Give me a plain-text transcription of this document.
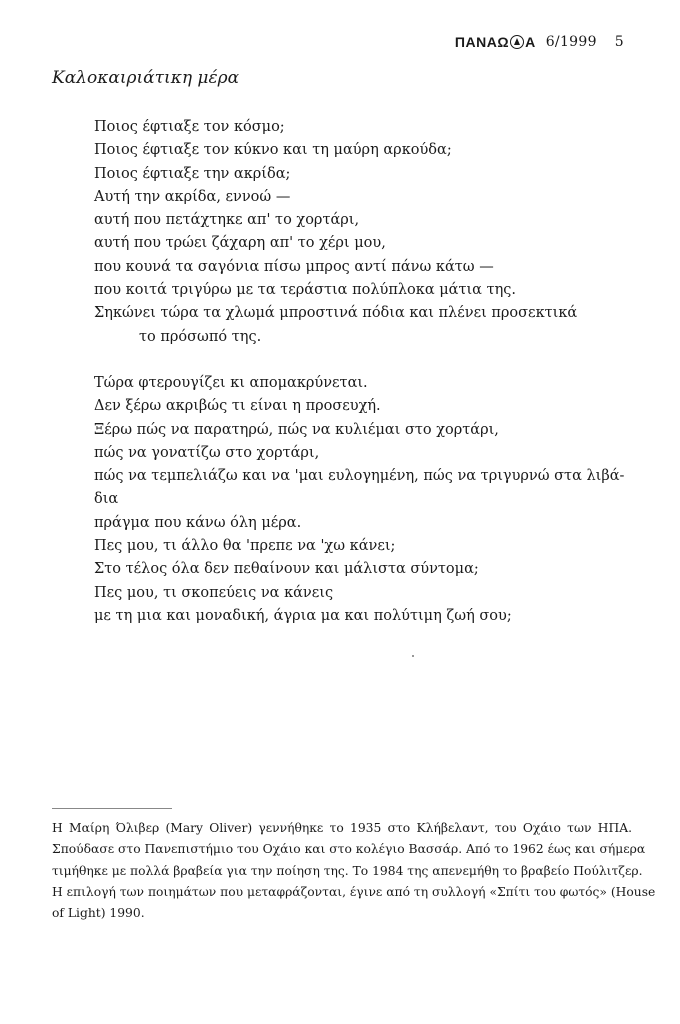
ΠΑΝΑΩ Α 6/1999 5
Καλοκαιριάτικη μέρα
Ποιος έφτιαξε τον κόσμο;
Ποιος έφτιαξε τον κύκνο και τη μαύρη αρκούδα;
Ποιος έφτιαξε την ακρίδα;
Αυτή την ακρίδα, εννοώ —
αυτή που πετάχτηκε απ' το χορτάρι,
αυτή που τρώει ζάχαρη απ' το χέρι μου,
που κουνά τα σαγόνια πίσω μπρος αντί πάνω κάτω —
που κοιτά τριγύρω με τα τεράστια πολύπλοκα μάτια της.
Σηκώνει τώρα τα χλωμά μπροστινά πόδια και πλένει προσεκτικά
το πρόσωπό της.
Τώρα φτερουγίζει κι απομακρύνεται.
Δεν ξέρω ακριβώς τι είναι η προσευχή.
Ξέρω πώς να παρατηρώ, πώς να κυλιέμαι στο χορτάρι,
πώς να γονατίζω στο χορτάρι,
πώς να τεμπελιάζω και να 'μαι ευλογημένη, πώς να τριγυρνώ στα λιβά-
δια
πράγμα που κάνω όλη μέρα.
Πες μου, τι άλλο θα 'πρεπε να 'χω κάνει;
Στο τέλος όλα δεν πεθαίνουν και μάλιστα σύντομα;
Πες μου, τι σκοπεύεις να κάνεις
με τη μια και μοναδική, άγρια μα και πολύτιμη ζωή σου;
Η Μαίρη Όλιβερ (Mary Oliver) γεννήθηκε το 1935 στο Κλήβελαντ, του Οχάιο των ΗΠΑ.
Σπούδασε στο Πανεπιστήμιο του Οχάιο και στο κολέγιο Βασσάρ. Από το 1962 έως και σήμερα
τιμήθηκε με πολλά βραβεία για την ποίηση της. Το 1984 της απενεμήθη το βραβείο Πούλιτζερ.
Η επιλογή των ποιημάτων που μεταφράζονται, έγινε από τη συλλογή «Σπίτι του φωτός» (House
of Light) 1990.
